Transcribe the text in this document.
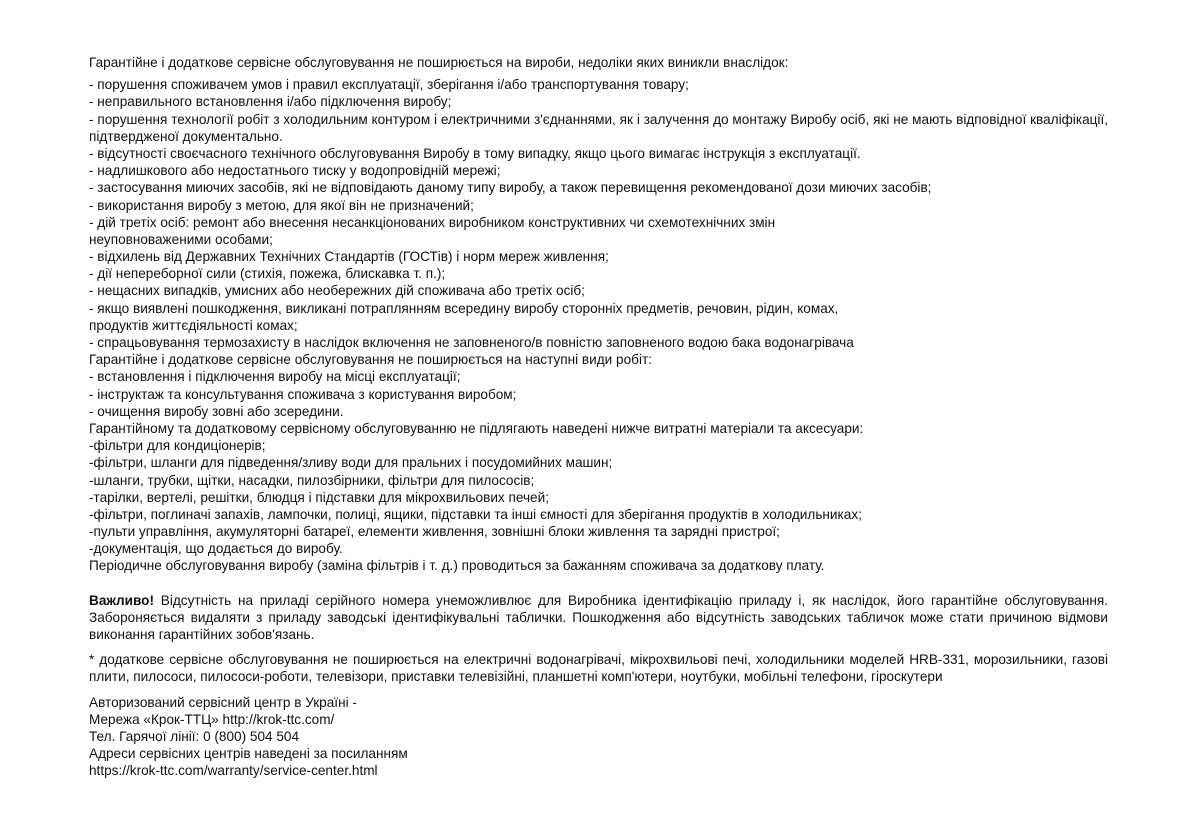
Гарантійне і додаткове сервісне обслуговування не поширюється на вироби, недоліки яких виникли внаслідок:
- порушення споживачем умов і правил експлуатації, зберігання і/або транспортування товару;
- неправильного встановлення і/або підключення виробу;
- порушення технології робіт з холодильним контуром і електричними з'єднаннями, як і залучення до монтажу Виробу осіб, які не мають відповідної кваліфікації, підтвердженої документально.
- відсутності своєчасного технічного обслуговування Виробу в тому випадку, якщо цього вимагає інструкція з експлуатації.
- надлишкового або недостатнього тиску у водопровідній мережі;
- застосування миючих засобів, які не відповідають даному типу виробу, а також перевищення рекомендованої дози миючих засобів;
- використання виробу з метою, для якої він не призначений;
- дій третіх осіб: ремонт або внесення несанкціонованих виробником конструктивних чи схемотехнічних змін
неуповноваженими особами;
- відхилень від Державних Технічних Стандартів (ГОСТів) і норм мереж живлення;
- дії непереборної сили (стихія, пожежа, блискавка т. п.);
- нещасних випадків, умисних або необережних дій споживача або третіх осіб;
- якщо виявлені пошкодження, викликані потраплянням всередину виробу сторонніх предметів, речовин, рідин, комах,
продуктів життєдіяльності комах;
- спрацьовування термозахисту в наслідок включення не заповненого/в повністю заповненого водою бака водонагрівача
Гарантійне і додаткове сервісне обслуговування не поширюється на наступні види робіт:
- встановлення і підключення виробу на місці експлуатації;
- інструктаж та консультування споживача з користування виробом;
- очищення виробу зовні або зсередини.
Гарантійному та додатковому сервісному обслуговуванню не підлягають наведені нижче витратні матеріали та аксесуари:
-фільтри для кондиціонерів;
-фільтри, шланги для підведення/зливу води для пральних і посудомийних машин;
-шланги, трубки, щітки, насадки, пилозбірники, фільтри для пилососів;
-тарілки, вертелі, решітки, блюдця і підставки для мікрохвильових печей;
-фільтри, поглиначі запахів, лампочки, полиці, ящики, підставки та інші ємності для зберігання продуктів в холодильниках;
-пульти управління, акумуляторні батареї, елементи живлення, зовнішні блоки живлення та зарядні пристрої;
-документація, що додається до виробу.
Періодичне обслуговування виробу (заміна фільтрів і т. д.) проводиться за бажанням споживача за додаткову плату.
Важливо! Відсутність на приладі серійного номера унеможливлює для Виробника ідентифікацію приладу і, як наслідок, його гарантійне обслуговування. Забороняється видаляти з приладу заводські ідентифікувальні таблички. Пошкодження або відсутність заводських табличок може стати причиною відмови виконання гарантійних зобов'язань.
* додаткове сервісне обслуговування не поширюється на електричні водонагрівачі, мікрохвильові печі, холодильники моделей HRB-331, морозильники, газові плити, пилососи, пилососи-роботи, телевізори, приставки телевізійні, планшетні комп'ютери, ноутбуки, мобільні телефони, гіроскутери
Авторизований сервісний центр в Україні -
Мережа «Крок-ТТЦ» http://krok-ttc.com/
Тел. Гарячої лінії: 0 (800) 504 504
Адреси сервісних центрів наведені за посиланням
https://krok-ttc.com/warranty/service-center.html
